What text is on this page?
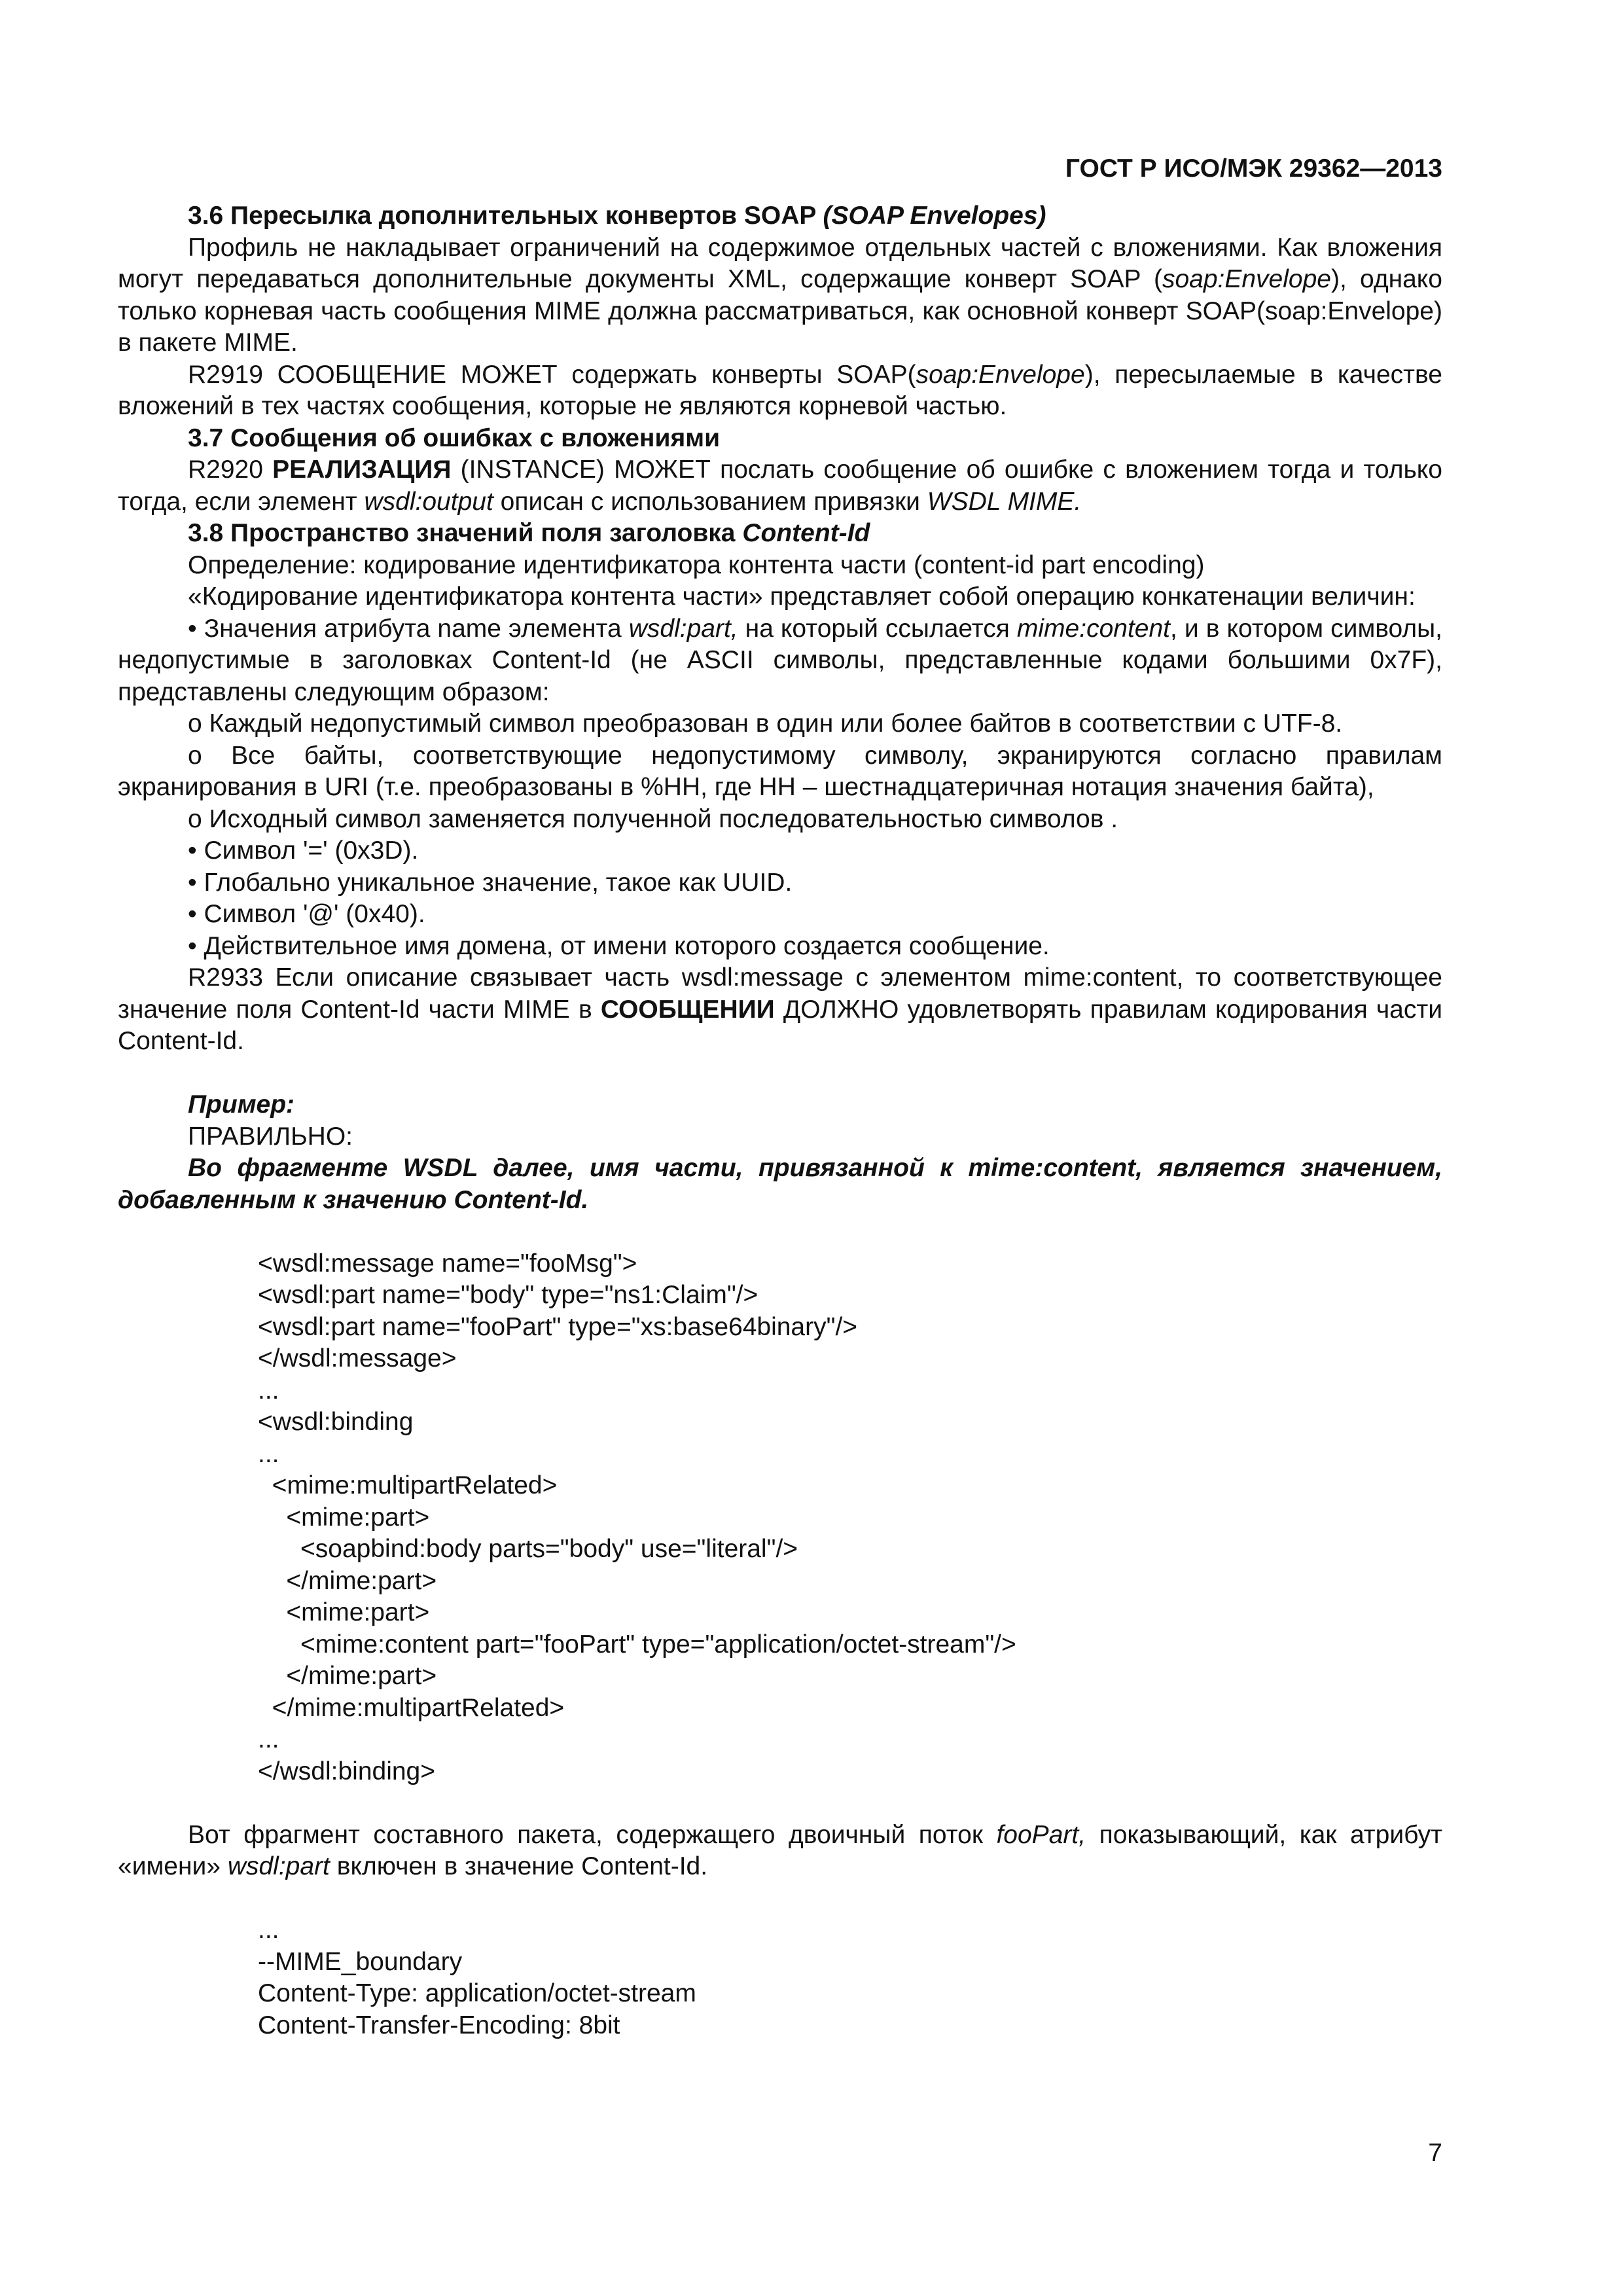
ГОСТ Р ИСО/МЭК 29362—2013

3.6 Пересылка дополнительных конвертов SOAP (SOAP Envelopes)

Профиль не накладывает ограничений на содержимое отдельных частей с вложениями. Как вложения могут передаваться дополнительные документы XML, содержащие конверт SOAP (soap:Envelope), однако только корневая часть сообщения MIME должна рассматриваться, как основной конверт SOAP(soap:Envelope) в пакете MIME.

R2919 СООБЩЕНИЕ МОЖЕТ содержать конверты SOAP(soap:Envelope), пересылаемые в качестве вложений в тех частях сообщения, которые не являются корневой частью.

3.7 Сообщения об ошибках с вложениями

R2920 РЕАЛИЗАЦИЯ (INSTANCE) МОЖЕТ послать сообщение об ошибке с вложением тогда и только тогда, если элемент wsdl:output описан с использованием привязки WSDL MIME.

3.8 Пространство значений поля заголовка Content-Id

Определение: кодирование идентификатора контента части (content-id part encoding)

«Кодирование идентификатора контента части» представляет собой операцию конкатенации величин:

• Значения атрибута name элемента wsdl:part, на который ссылается mime:content, и в котором символы, недопустимые в заголовках Content-Id (не ASCII символы, представленные кодами большими 0x7F), представлены следующим образом:

o Каждый недопустимый символ преобразован в один или более байтов в соответствии с UTF-8.

o Все байты, соответствующие недопустимому символу, экранируются согласно правилам экранирования в URI (т.е. преобразованы в %HH, где HH – шестнадцатеричная нотация значения байта),

o Исходный символ заменяется полученной последовательностью символов .

• Символ '=' (0x3D).

• Глобально уникальное значение, такое как UUID.

• Символ '@' (0x40).

• Действительное имя домена, от имени которого создается сообщение.

R2933 Если описание связывает часть wsdl:message с элементом mime:content, то соответствующее значение поля Content-Id части MIME в СООБЩЕНИИ ДОЛЖНО удовлетворять правилам кодирования части Content-Id.

Пример:

ПРАВИЛЬНО:

Во фрагменте WSDL далее, имя части, привязанной к mime:content, является значением, добавленным к значению Content-Id.

<wsdl:message name="fooMsg">

<wsdl:part name="body" type="ns1:Claim"/>

<wsdl:part name="fooPart" type="xs:base64binary"/>

</wsdl:message>

...

<wsdl:binding

...

<mime:multipartRelated>

<mime:part>

<soapbind:body parts="body" use="literal"/>

</mime:part>

<mime:part>

<mime:content part="fooPart" type="application/octet-stream"/>

</mime:part>

</mime:multipartRelated>

...

</wsdl:binding>

Вот фрагмент составного пакета, содержащего двоичный поток fooPart, показывающий, как атрибут «имени» wsdl:part включен в значение Content-Id.

...

--MIME_boundary

Content-Type: application/octet-stream

Content-Transfer-Encoding: 8bit

7
